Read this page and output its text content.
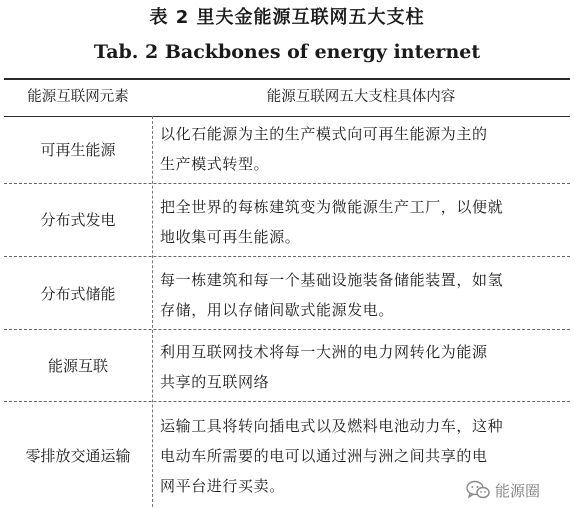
表 2 里夫金能源互联网五大支柱
Tab. 2 Backbones of energy internet
能源互联网元素	能源互联网五大支柱具体内容
可再生能源
以化石能源为主的生产模式向可再生能源为主的
生产模式转型。
分布式发电
把全世界的每栋建筑变为微能源生产工厂，以便就
地收集可再生能源。
分布式储能
每一栋建筑和每一个基础设施装备储能装置，如氢
存储，用以存储间歇式能源发电。
能源互联
利用互联网技术将每一大洲的电力网转化为能源
共享的互联网络
零排放交通运输
运输工具将转向插电式以及燃料电池动力车，这种
电动车所需要的电可以通过洲与洲之间共享的电
网平台进行买卖。	能源圈
